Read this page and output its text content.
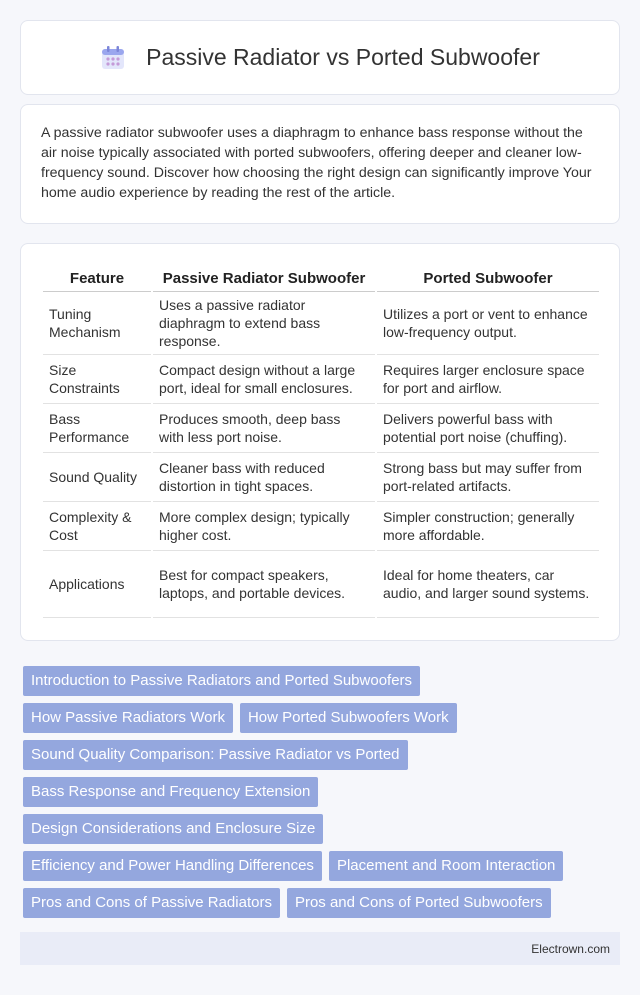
Passive Radiator vs Ported Subwoofer

A passive radiator subwoofer uses a diaphragm to enhance bass response without the air noise typically associated with ported subwoofers, offering deeper and cleaner low-frequency sound. Discover how choosing the right design can significantly improve Your home audio experience by reading the rest of the article.

Feature	Passive Radiator Subwoofer	Ported Subwoofer
Tuning Mechanism	Uses a passive radiator diaphragm to extend bass response.	Utilizes a port or vent to enhance low-frequency output.
Size Constraints	Compact design without a large port, ideal for small enclosures.	Requires larger enclosure space for port and airflow.
Bass Performance	Produces smooth, deep bass with less port noise.	Delivers powerful bass with potential port noise (chuffing).
Sound Quality	Cleaner bass with reduced distortion in tight spaces.	Strong bass but may suffer from port-related artifacts.
Complexity & Cost	More complex design; typically higher cost.	Simpler construction; generally more affordable.
Applications	Best for compact speakers, laptops, and portable devices.	Ideal for home theaters, car audio, and larger sound systems.
Introduction to Passive Radiators and Ported Subwoofers
How Passive Radiators Work	How Ported Subwoofers Work
Sound Quality Comparison: Passive Radiator vs Ported
Bass Response and Frequency Extension
Design Considerations and Enclosure Size
Efficiency and Power Handling Differences	Placement and Room Interaction
Pros and Cons of Passive Radiators	Pros and Cons of Ported Subwoofers
Electrown.com
